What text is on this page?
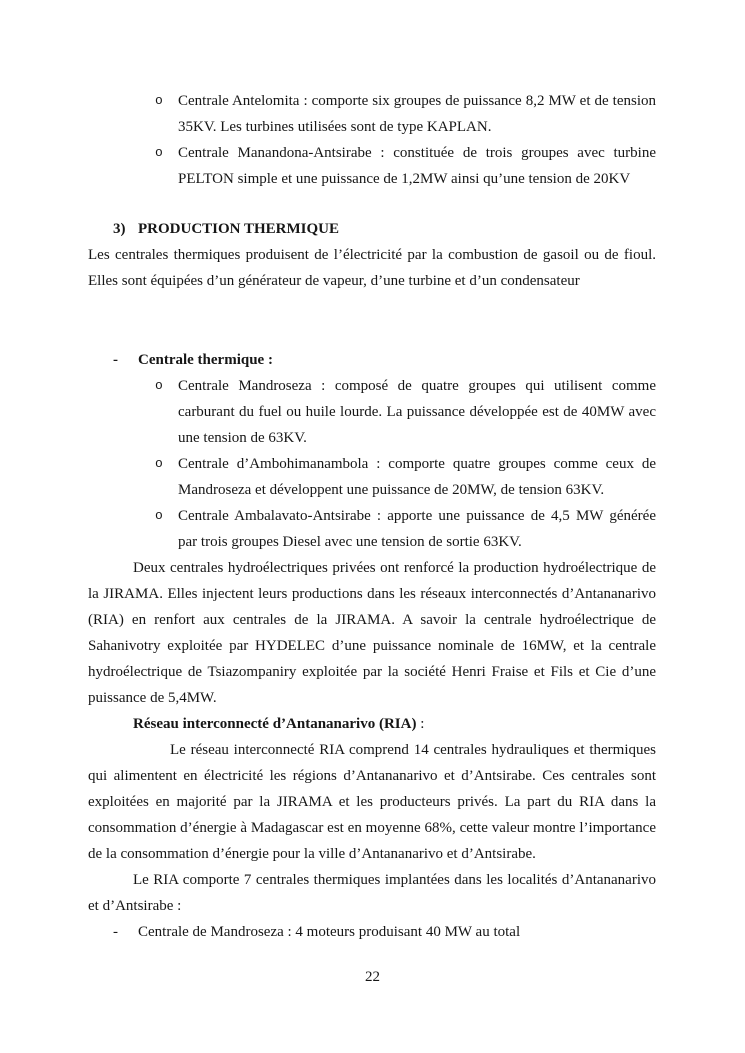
o Centrale Antelomita : comporte six groupes de puissance 8,2 MW et de tension 35KV. Les turbines utilisées sont de type KAPLAN.
o Centrale Manandona-Antsirabe : constituée de trois groupes avec turbine PELTON simple et une puissance de 1,2MW ainsi qu’une tension de 20KV

3) PRODUCTION THERMIQUE

Les centrales thermiques produisent de l’électricité par la combustion de gasoil ou de fioul. Elles sont équipées d’un générateur de vapeur, d’une turbine et d’un condensateur

- Centrale thermique :

o Centrale Mandroseza : composé de quatre groupes qui utilisent comme carburant du fuel ou huile lourde. La puissance développée est de 40MW avec une tension de 63KV.
o Centrale d’Ambohimanambola : comporte quatre groupes comme ceux de Mandroseza et développent une puissance de 20MW, de tension 63KV.
o Centrale Ambalavato-Antsirabe : apporte une puissance de 4,5 MW générée par trois groupes Diesel avec une tension de sortie 63KV.

Deux centrales hydroélectriques privées ont renforcé la production hydroélectrique de la JIRAMA. Elles injectent leurs productions dans les réseaux interconnectés d’Antananarivo (RIA) en renfort aux centrales de la JIRAMA. A savoir la centrale hydroélectrique de Sahanivotry exploitée par HYDELEC d’une puissance nominale de 16MW, et la centrale hydroélectrique de Tsiazompaniry exploitée par la société Henri Fraise et Fils et Cie d’une puissance de 5,4MW.

Réseau interconnecté d’Antananarivo (RIA) :

Le réseau interconnecté RIA comprend 14 centrales hydrauliques et thermiques qui alimentent en électricité les régions d’Antananarivo et d’Antsirabe. Ces centrales sont exploitées en majorité par la JIRAMA et les producteurs privés. La part du RIA dans la consommation d’énergie à Madagascar est en moyenne 68%, cette valeur montre l’importance de la consommation d’énergie pour la ville d’Antananarivo et d’Antsirabe.

Le RIA comporte 7 centrales thermiques implantées dans les localités d’Antananarivo et d’Antsirabe :

- Centrale de Mandroseza : 4 moteurs produisant 40 MW au total

22
